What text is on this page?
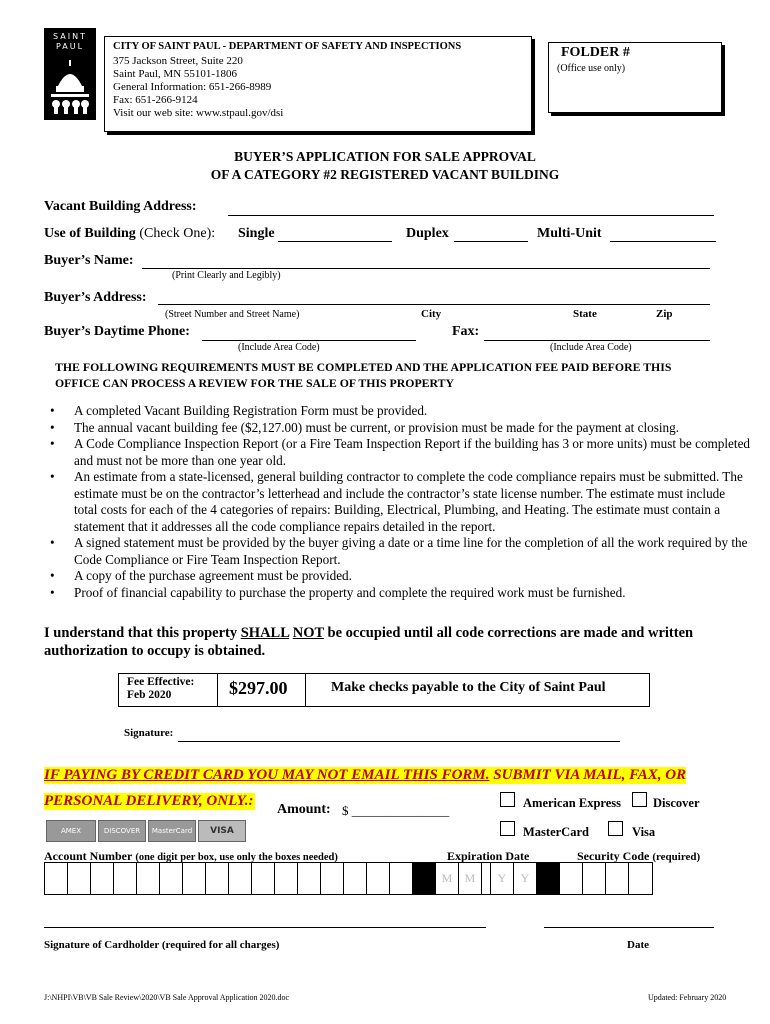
SAINT
PAUL	CITY OF SAINT PAUL - DEPARTMENT OF SAFETY AND INSPECTIONS
375 Jackson Street, Suite 220
Saint Paul, MN 55101-1806
General Information: 651-266-8989
Fax: 651-266-9124
Visit our web site: www.stpaul.gov/dsi
FOLDER #
(Office use only)
BUYER’S APPLICATION FOR SALE APPROVAL
OF A CATEGORY #2 REGISTERED VACANT BUILDING
Vacant Building Address:
Use of Building (Check One): Single	Duplex	Multi-Unit
Buyer’s Name:
(Print Clearly and Legibly)
Buyer’s Address:
(Street Number and Street Name)	City	State	Zip
Buyer’s Daytime Phone:
(Include Area Code)
Fax:
(Include Area Code)
THE FOLLOWING REQUIREMENTS MUST BE COMPLETED AND THE APPLICATION FEE PAID BEFORE THIS
OFFICE CAN PROCESS A REVIEW FOR THE SALE OF THIS PROPERTY
• A completed Vacant Building Registration Form must be provided.
• The annual vacant building fee ($2,127.00) must be current, or provision must be made for the payment at closing.
• A Code Compliance Inspection Report (or a Fire Team Inspection Report if the building has 3 or more units) must be completed and must not be more than one year old.
• An estimate from a state-licensed, general building contractor to complete the code compliance repairs must be submitted. The estimate must be on the contractor’s letterhead and include the contractor’s state license number. The estimate must include total costs for each of the 4 categories of repairs: Building, Electrical, Plumbing, and Heating. The estimate must contain a statement that it addresses all the code compliance repairs detailed in the report.
• A signed statement must be provided by the buyer giving a date or a time line for the completion of all the work required by the Code Compliance or Fire Team Inspection Report.
• A copy of the purchase agreement must be provided.
• Proof of financial capability to purchase the property and complete the required work must be furnished.
I understand that this property SHALL NOT be occupied until all code corrections are made and written
authorization to occupy is obtained.
Fee Effective:
Feb 2020	$297.00	Make checks payable to the City of Saint Paul
Signature:
IF PAYING BY CREDIT CARD YOU MAY NOT EMAIL THIS FORM. SUBMIT VIA MAIL, FAX, OR
PERSONAL DELIVERY, ONLY.:
AMEX	DISCOVER	MasterCard	VISA
Amount: $ _______________	American Express	Discover
MasterCard	Visa
Account Number (one digit per box, use only the boxes needed)	Expiration Date	Security Code (required)
M	M	Y	Y
Signature of Cardholder (required for all charges)	Date
J:\NHPI\VB\VB Sale Review\2020\VB Sale Approval Application 2020.doc	Updated: February 2020
